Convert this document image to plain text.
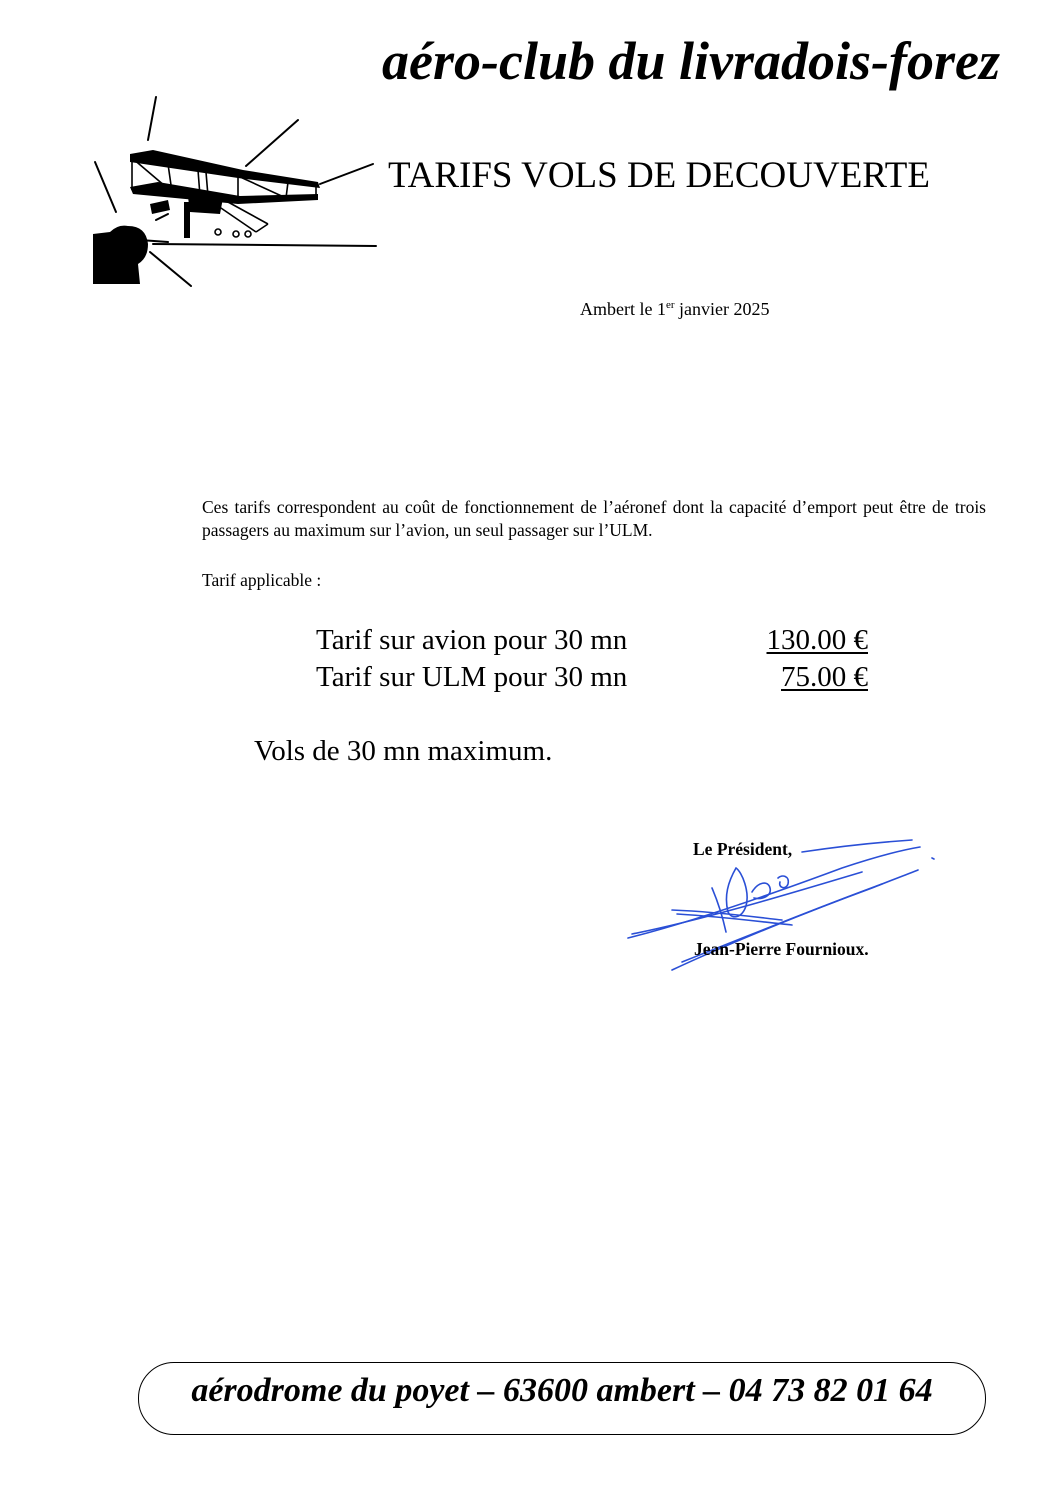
aéro-club du livradois-forez
TARIFS VOLS DE DECOUVERTE
Ambert le 1er janvier 2025
Ces tarifs correspondent au coût de fonctionnement de l’aéronef dont la capacité d’emport peut être de trois passagers au maximum sur l’avion, un seul passager sur l’ULM.
Tarif applicable :
Tarif sur avion pour 30 mn	130.00 €
Tarif sur ULM pour 30 mn	75.00 €
Vols de 30 mn maximum.
Le Président,
Jean-Pierre Fournioux.
aérodrome du poyet – 63600 ambert – 04 73 82 01 64
